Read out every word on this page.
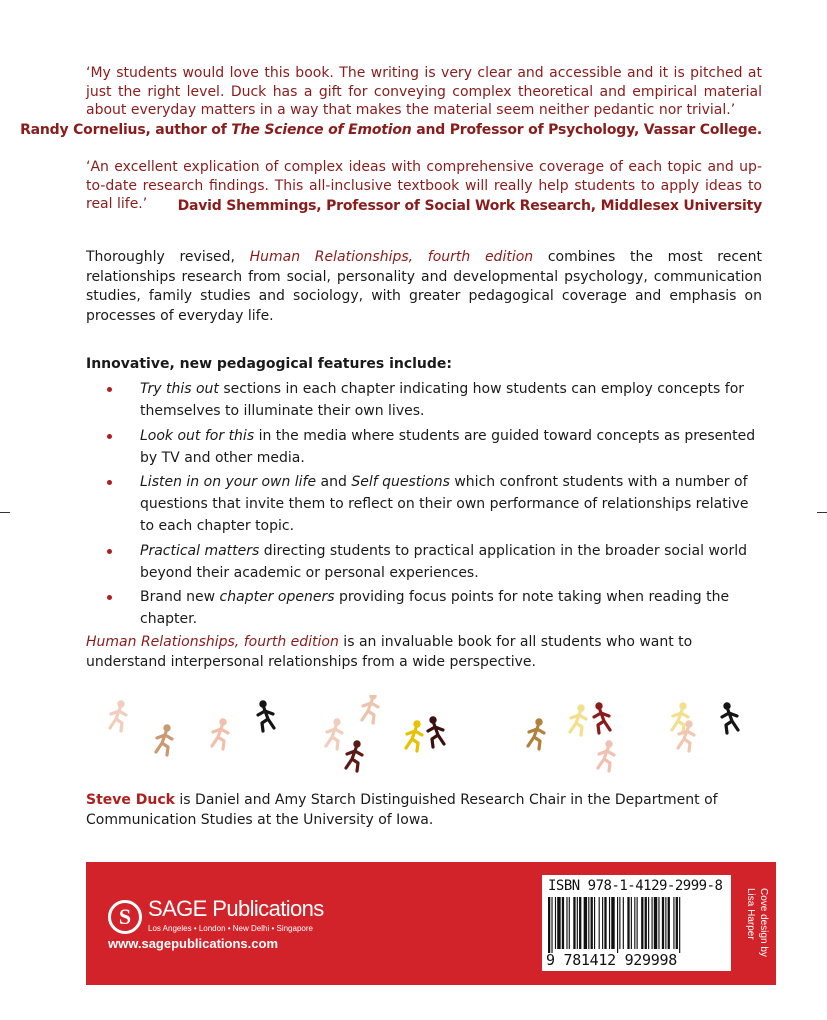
‘My students would love this book. The writing is very clear and accessible and it is pitched at just the right level. Duck has a gift for conveying complex theoretical and empirical material about everyday matters in a way that makes the material seem neither pedantic nor trivial.’

Randy Cornelius, author of The Science of Emotion and Professor of Psychology, Vassar College.

‘An excellent explication of complex ideas with comprehensive coverage of each topic and up-to-date research findings. This all-inclusive textbook will really help students to apply ideas to real life.’	David Shemmings, Professor of Social Work Research, Middlesex University

Thoroughly revised, Human Relationships, fourth edition combines the most recent relationships research from social, personality and developmental psychology, communication studies, family studies and sociology, with greater pedagogical coverage and emphasis on processes of everyday life.

Innovative, new pedagogical features include:

Try this out sections in each chapter indicating how students can employ concepts for themselves to illuminate their own lives.
Look out for this in the media where students are guided toward concepts as presented by TV and other media.
Listen in on your own life and Self questions which confront students with a number of questions that invite them to reflect on their own performance of relationships relative to each chapter topic.
Practical matters directing students to practical application in the broader social world beyond their academic or personal experiences.
Brand new chapter openers providing focus points for note taking when reading the chapter.

Human Relationships, fourth edition is an invaluable book for all students who want to understand interpersonal relationships from a wide perspective.

Steve Duck is Daniel and Amy Starch Distinguished Research Chair in the Department of Communication Studies at the University of Iowa.

S SAGE Publications
Los Angeles • London • New Delhi • Singapore
www.sagepublications.com
ISBN 978-1-4129-2999-8
9 781412 929998
Cove design by
Lisa Harper
